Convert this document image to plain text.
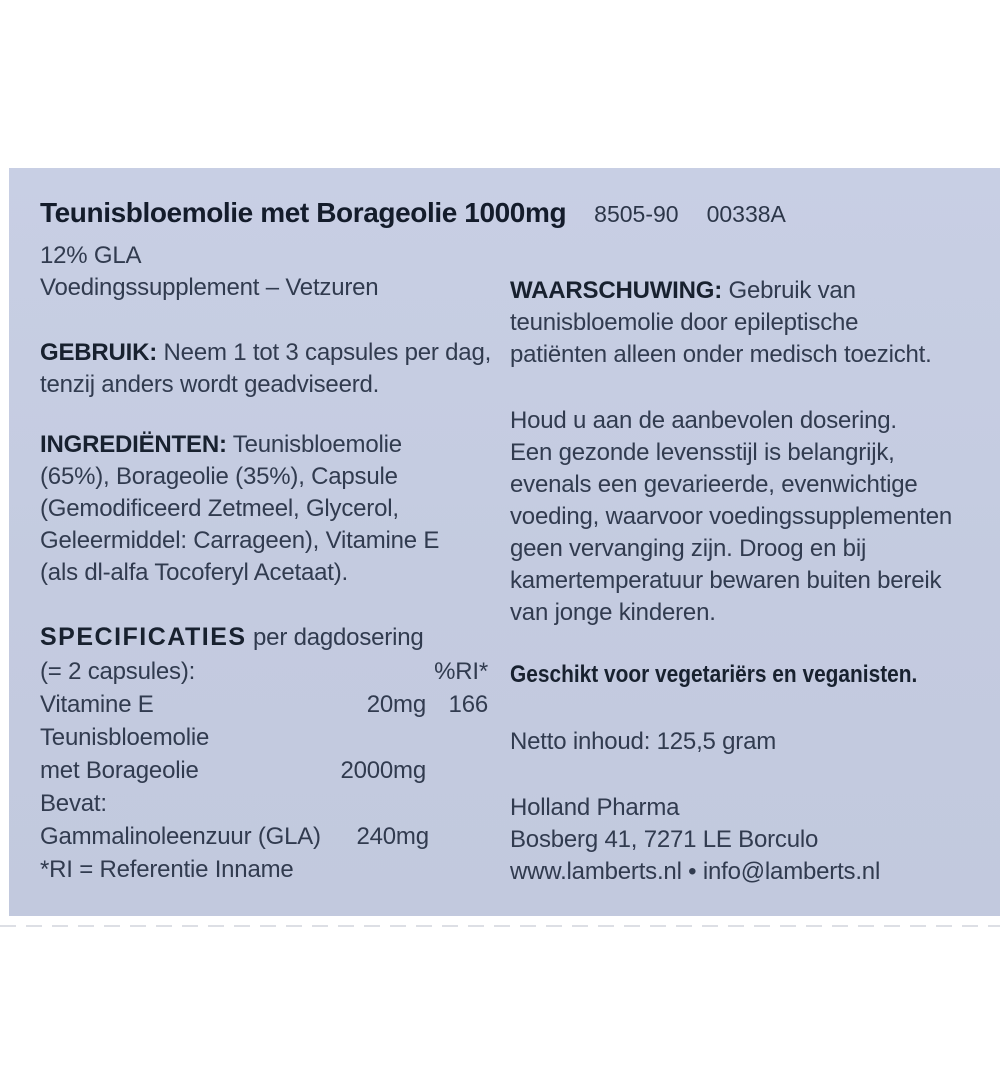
Teunisbloemolie met Borageolie 1000mg 8505-90 00338A
12% GLA
Voedingssupplement – Vetzuren
GEBRUIK: Neem 1 tot 3 capsules per dag,
tenzij anders wordt geadviseerd.
INGREDIËNTEN: Teunisbloemolie
(65%), Borageolie (35%), Capsule
(Gemodificeerd Zetmeel, Glycerol,
Geleermiddel: Carrageen), Vitamine E
(als dl-alfa Tocoferyl Acetaat).
SPECIFICATIES per dagdosering
(= 2 capsules):	%RI*
Vitamine E	20mg 166
Teunisbloemolie
met Borageolie	2000mg
Bevat:
Gammalinoleenzuur (GLA)	240mg
*RI = Referentie Inname
WAARSCHUWING: Gebruik van
teunisbloemolie door epileptische
patiënten alleen onder medisch toezicht.
Houd u aan de aanbevolen dosering.
Een gezonde levensstijl is belangrijk,
evenals een gevarieerde, evenwichtige
voeding, waarvoor voedingssupplementen
geen vervanging zijn. Droog en bij
kamertemperatuur bewaren buiten bereik
van jonge kinderen.
Geschikt voor vegetariërs en veganisten.
Netto inhoud: 125,5 gram
Holland Pharma
Bosberg 41, 7271 LE Borculo
www.lamberts.nl • info@lamberts.nl
